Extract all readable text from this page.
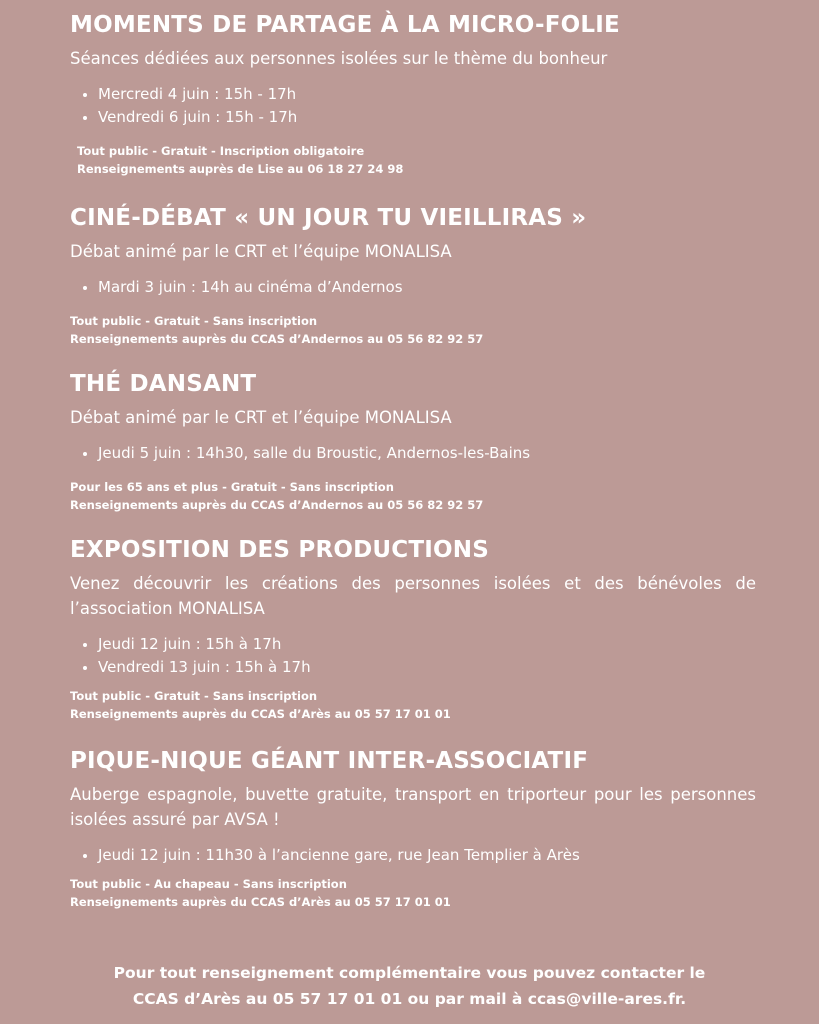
MOMENTS DE PARTAGE À LA MICRO-FOLIE

Séances dédiées aux personnes isolées sur le thème du bonheur

Mercredi 4 juin : 15h - 17h
Vendredi 6 juin : 15h - 17h
Tout public - Gratuit - Inscription obligatoire
Renseignements auprès de Lise au 06 18 27 24 98
CINÉ-DÉBAT « UN JOUR TU VIEILLIRAS »

Débat animé par le CRT et l’équipe MONALISA

Mardi 3 juin : 14h au cinéma d’Andernos
Tout public - Gratuit - Sans inscription
Renseignements auprès du CCAS d’Andernos au 05 56 82 92 57
THÉ DANSANT

Débat animé par le CRT et l’équipe MONALISA

Jeudi 5 juin : 14h30, salle du Broustic, Andernos-les-Bains
Pour les 65 ans et plus - Gratuit - Sans inscription
Renseignements auprès du CCAS d’Andernos au 05 56 82 92 57
EXPOSITION DES PRODUCTIONS

Venez découvrir les créations des personnes isolées et des bénévoles de l’association MONALISA

Jeudi 12 juin : 15h à 17h
Vendredi 13 juin : 15h à 17h
Tout public - Gratuit - Sans inscription
Renseignements auprès du CCAS d’Arès au 05 57 17 01 01
PIQUE-NIQUE GÉANT INTER-ASSOCIATIF

Auberge espagnole, buvette gratuite, transport en triporteur pour les personnes isolées assuré par AVSA !

Jeudi 12 juin : 11h30 à l’ancienne gare, rue Jean Templier à Arès
Tout public - Au chapeau - Sans inscription
Renseignements auprès du CCAS d’Arès au 05 57 17 01 01
Pour tout renseignement complémentaire vous pouvez contacter le
CCAS d’Arès au 05 57 17 01 01 ou par mail à ccas@ville-ares.fr.
